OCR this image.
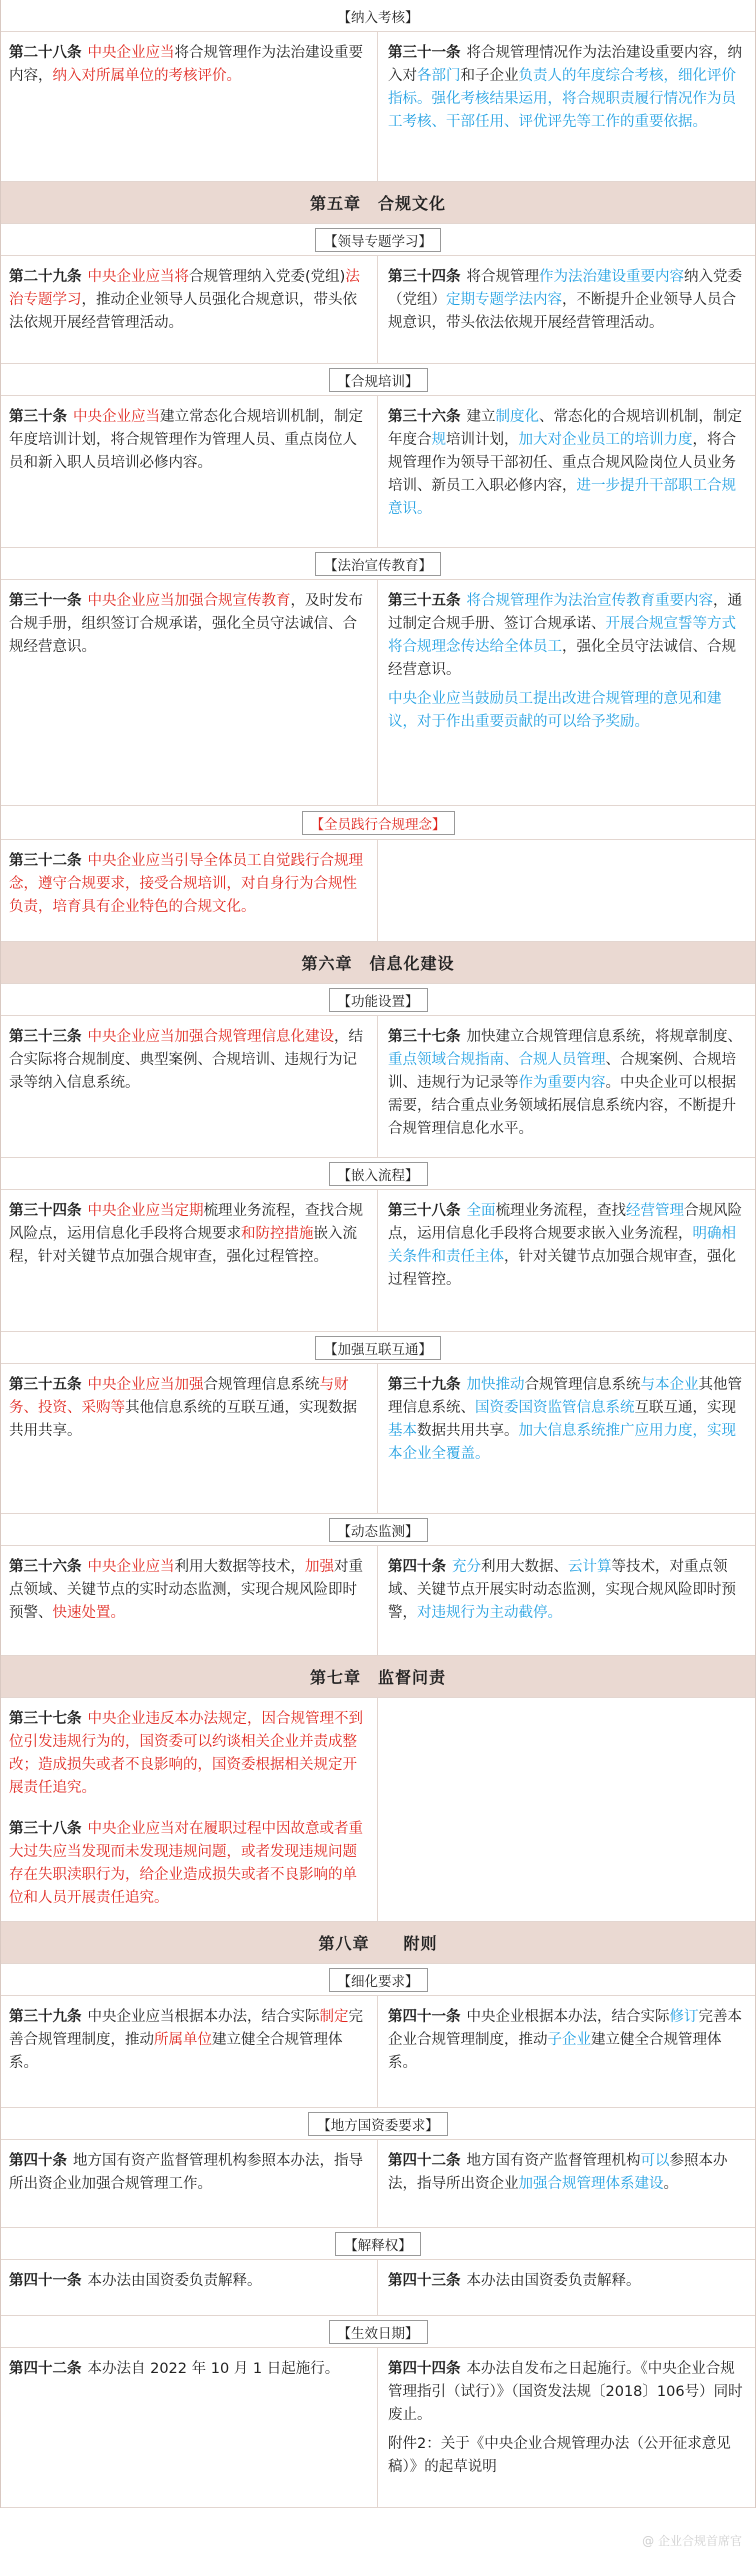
【纳入考核】
第二十八条 中央企业应当将合规管理作为法治建设重要内容，纳入对所属单位的考核评价。
第三十一条 将合规管理情况作为法治建设重要内容，纳入对各部门和子企业负责人的年度综合考核，细化评价指标。强化考核结果运用，将合规职责履行情况作为员工考核、干部任用、评优评先等工作的重要依据。
第五章　合规文化
【领导专题学习】
第二十九条 中央企业应当将合规管理纳入党委(党组)法治专题学习，推动企业领导人员强化合规意识，带头依法依规开展经营管理活动。
第三十四条 将合规管理作为法治建设重要内容纳入党委（党组）定期专题学法内容，不断提升企业领导人员合规意识，带头依法依规开展经营管理活动。
【合规培训】
第三十条 中央企业应当建立常态化合规培训机制，制定年度培训计划，将合规管理作为管理人员、重点岗位人员和新入职人员培训必修内容。
第三十六条 建立制度化、常态化的合规培训机制，制定年度合规培训计划，加大对企业员工的培训力度，将合规管理作为领导干部初任、重点合规风险岗位人员业务培训、新员工入职必修内容，进一步提升干部职工合规意识。
【法治宣传教育】
第三十一条 中央企业应当加强合规宣传教育，及时发布合规手册，组织签订合规承诺，强化全员守法诚信、合规经营意识。
第三十五条 将合规管理作为法治宣传教育重要内容，通过制定合规手册、签订合规承诺、开展合规宣誓等方式将合规理念传达给全体员工，强化全员守法诚信、合规经营意识。
中央企业应当鼓励员工提出改进合规管理的意见和建议，对于作出重要贡献的可以给予奖励。
【全员践行合规理念】
第三十二条 中央企业应当引导全体员工自觉践行合规理念，遵守合规要求，接受合规培训，对自身行为合规性负责，培育具有企业特色的合规文化。
第六章　信息化建设
【功能设置】
第三十三条 中央企业应当加强合规管理信息化建设，结合实际将合规制度、典型案例、合规培训、违规行为记录等纳入信息系统。
第三十七条 加快建立合规管理信息系统，将规章制度、重点领域合规指南、合规人员管理、合规案例、合规培训、违规行为记录等作为重要内容。中央企业可以根据需要，结合重点业务领域拓展信息系统内容，不断提升合规管理信息化水平。
【嵌入流程】
第三十四条 中央企业应当定期梳理业务流程，查找合规风险点，运用信息化手段将合规要求和防控措施嵌入流程，针对关键节点加强合规审查，强化过程管控。
第三十八条 全面梳理业务流程，查找经营管理合规风险点，运用信息化手段将合规要求嵌入业务流程，明确相关条件和责任主体，针对关键节点加强合规审查，强化过程管控。
【加强互联互通】
第三十五条 中央企业应当加强合规管理信息系统与财务、投资、采购等其他信息系统的互联互通，实现数据共用共享。
第三十九条 加快推动合规管理信息系统与本企业其他管理信息系统、国资委国资监管信息系统互联互通，实现基本数据共用共享。加大信息系统推广应用力度，实现本企业全覆盖。
【动态监测】
第三十六条 中央企业应当利用大数据等技术，加强对重点领域、关键节点的实时动态监测，实现合规风险即时预警、快速处置。
第四十条 充分利用大数据、云计算等技术，对重点领域、关键节点开展实时动态监测，实现合规风险即时预警，对违规行为主动截停。
第七章　监督问责
第三十七条 中央企业违反本办法规定，因合规管理不到位引发违规行为的，国资委可以约谈相关企业并责成整改；造成损失或者不良影响的，国资委根据相关规定开展责任追究。
第三十八条 中央企业应当对在履职过程中因故意或者重大过失应当发现而未发现违规问题，或者发现违规问题存在失职渎职行为，给企业造成损失或者不良影响的单位和人员开展责任追究。
第八章　　附则
【细化要求】
第三十九条 中央企业应当根据本办法，结合实际制定完善合规管理制度，推动所属单位建立健全合规管理体系。
第四十一条 中央企业根据本办法，结合实际修订完善本企业合规管理制度，推动子企业建立健全合规管理体系。
【地方国资委要求】
第四十条 地方国有资产监督管理机构参照本办法，指导所出资企业加强合规管理工作。
第四十二条 地方国有资产监督管理机构可以参照本办法，指导所出资企业加强合规管理体系建设。
【解释权】
第四十一条 本办法由国资委负责解释。	第四十三条 本办法由国资委负责解释。
【生效日期】
第四十二条 本办法自 2022 年 10 月 1 日起施行。	第四十四条 本办法自发布之日起施行。《中央企业合规管理指引（试行）》（国资发法规〔2018〕106号）同时废止。
附件2：关于《中央企业合规管理办法（公开征求意见稿）》的起草说明
@ 企业合规首席官
